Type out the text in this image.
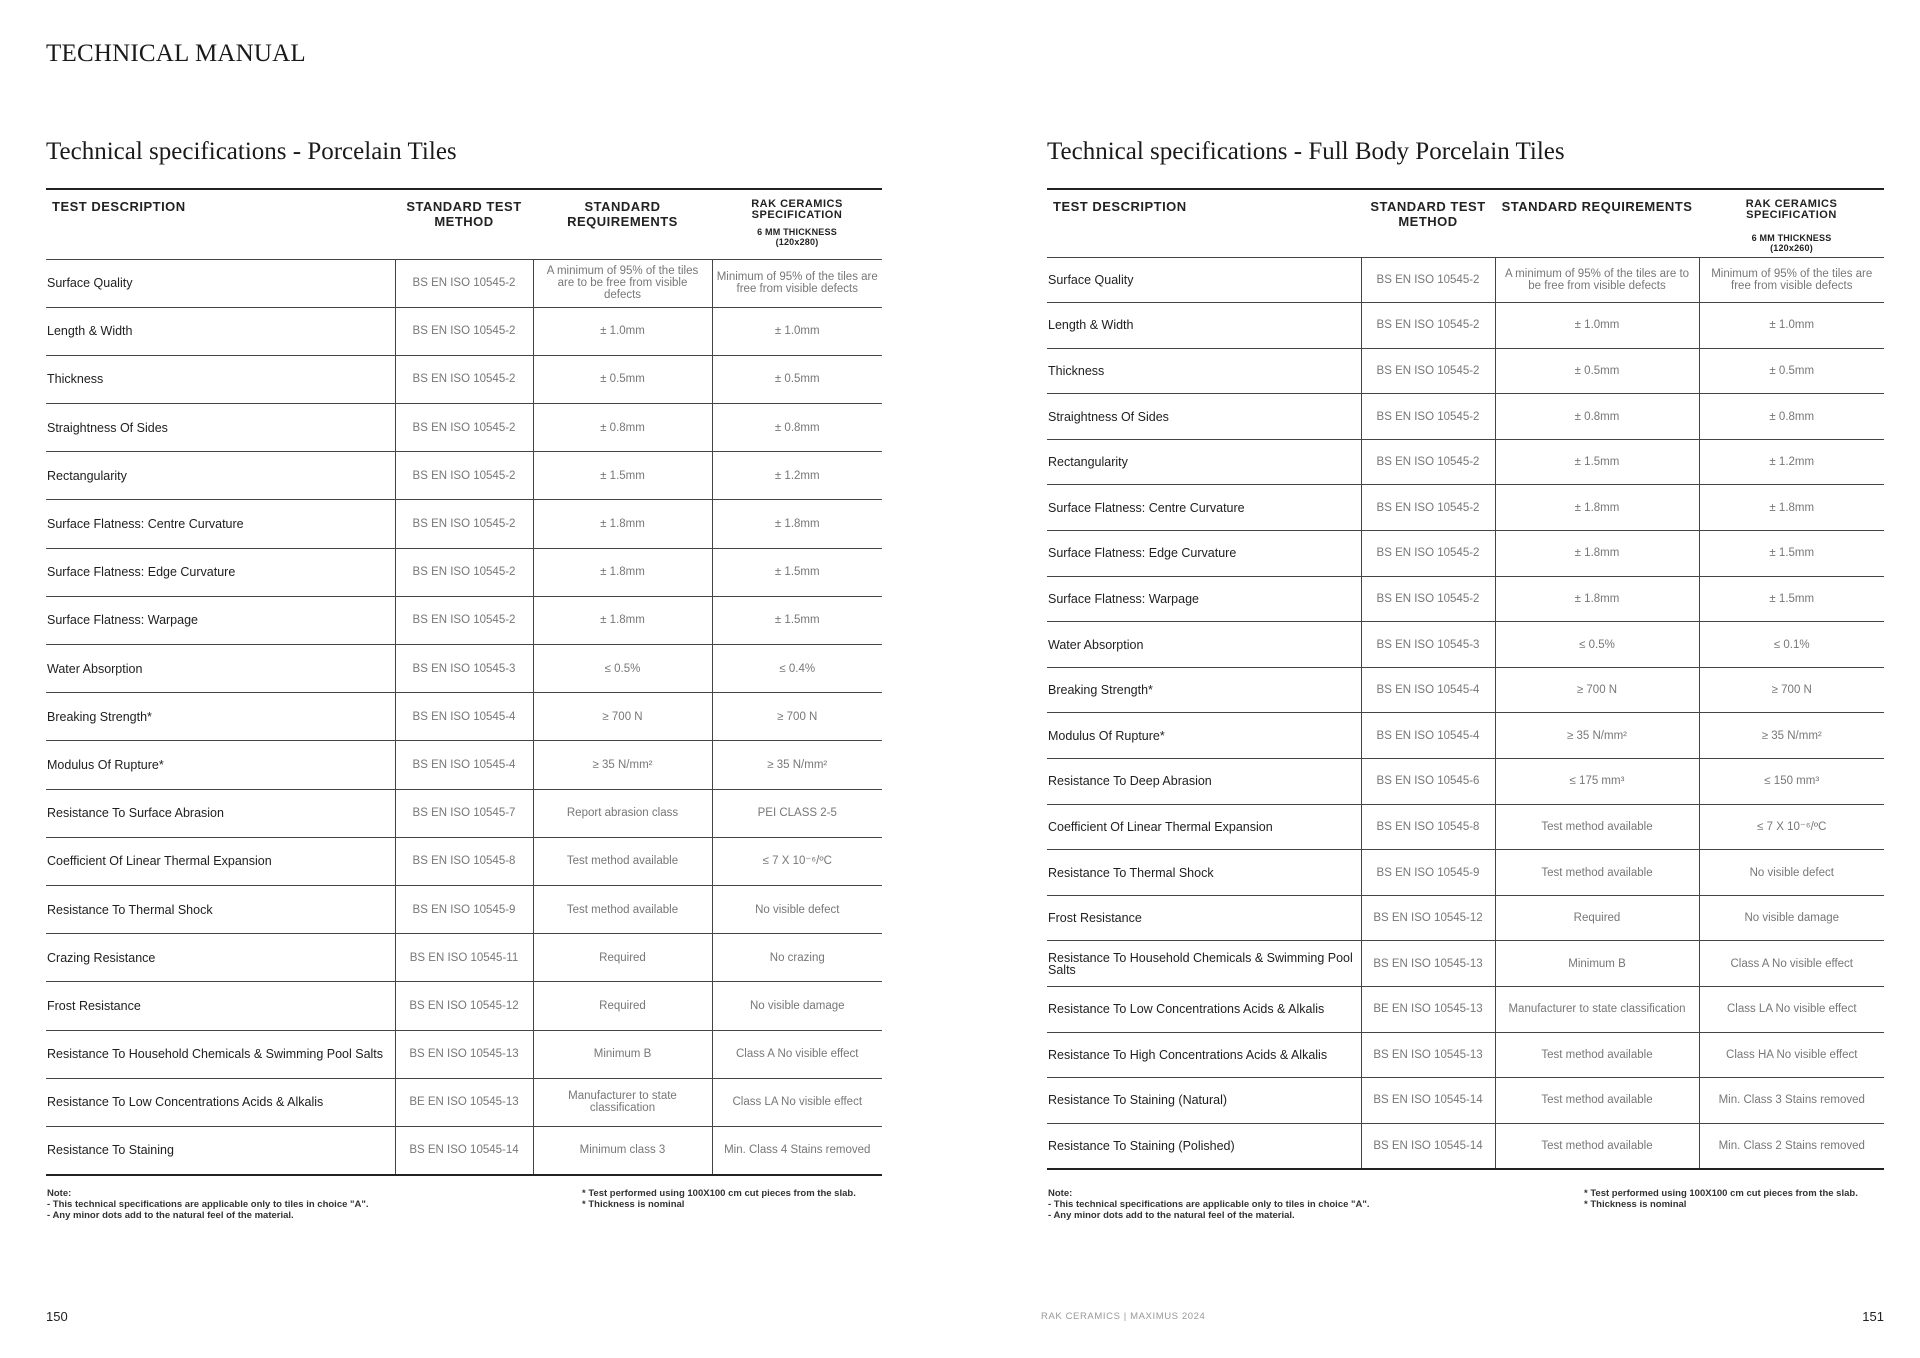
TECHNICAL MANUAL
Technical specifications - Porcelain Tiles
TEST DESCRIPTION	STANDARD TEST METHOD	STANDARD REQUIREMENTS	RAK CERAMICS SPECIFICATION
6 MM THICKNESS
(120x280)

Surface Quality	BS EN ISO 10545-2	A minimum of 95% of the tiles are to be free from visible defects	Minimum of 95% of the tiles are free from visible defects
Length & Width	BS EN ISO 10545-2	± 1.0mm	± 1.0mm
Thickness	BS EN ISO 10545-2	± 0.5mm	± 0.5mm
Straightness Of Sides	BS EN ISO 10545-2	± 0.8mm	± 0.8mm
Rectangularity	BS EN ISO 10545-2	± 1.5mm	± 1.2mm
Surface Flatness: Centre Curvature	BS EN ISO 10545-2	± 1.8mm	± 1.8mm
Surface Flatness: Edge Curvature	BS EN ISO 10545-2	± 1.8mm	± 1.5mm
Surface Flatness: Warpage	BS EN ISO 10545-2	± 1.8mm	± 1.5mm
Water Absorption	BS EN ISO 10545-3	≤ 0.5%	≤ 0.4%
Breaking Strength*	BS EN ISO 10545-4	≥ 700 N	≥ 700 N
Modulus Of Rupture*	BS EN ISO 10545-4	≥ 35 N/mm²	≥ 35 N/mm²
Resistance To Surface Abrasion	BS EN ISO 10545-7	Report abrasion class	PEI CLASS 2-5
Coefficient Of Linear Thermal Expansion	BS EN ISO 10545-8	Test method available	≤ 7 X 10⁻⁶/ºC
Resistance To Thermal Shock	BS EN ISO 10545-9	Test method available	No visible defect
Crazing Resistance	BS EN ISO 10545-11	Required	No crazing
Frost Resistance	BS EN ISO 10545-12	Required	No visible damage
Resistance To Household Chemicals & Swimming Pool Salts	BS EN ISO 10545-13	Minimum B	Class A No visible effect
Resistance To Low Concentrations Acids & Alkalis	BE EN ISO 10545-13	Manufacturer to state classification	Class LA No visible effect
Resistance To Staining	BS EN ISO 10545-14	Minimum class 3	Min. Class 4 Stains removed
Note:
- This technical specifications are applicable only to tiles in choice "A".
- Any minor dots add to the natural feel of the material.
* Test performed using 100X100 cm cut pieces from the slab.
* Thickness is nominal
150
Technical specifications - Full Body Porcelain Tiles
TEST DESCRIPTION	STANDARD TEST METHOD	STANDARD REQUIREMENTS	RAK CERAMICS SPECIFICATION
6 MM THICKNESS
(120x260)

Surface Quality	BS EN ISO 10545-2	A minimum of 95% of the tiles are to be free from visible defects	Minimum of 95% of the tiles are free from visible defects
Length & Width	BS EN ISO 10545-2	± 1.0mm	± 1.0mm
Thickness	BS EN ISO 10545-2	± 0.5mm	± 0.5mm
Straightness Of Sides	BS EN ISO 10545-2	± 0.8mm	± 0.8mm
Rectangularity	BS EN ISO 10545-2	± 1.5mm	± 1.2mm
Surface Flatness: Centre Curvature	BS EN ISO 10545-2	± 1.8mm	± 1.8mm
Surface Flatness: Edge Curvature	BS EN ISO 10545-2	± 1.8mm	± 1.5mm
Surface Flatness: Warpage	BS EN ISO 10545-2	± 1.8mm	± 1.5mm
Water Absorption	BS EN ISO 10545-3	≤ 0.5%	≤ 0.1%
Breaking Strength*	BS EN ISO 10545-4	≥ 700 N	≥ 700 N
Modulus Of Rupture*	BS EN ISO 10545-4	≥ 35 N/mm²	≥ 35 N/mm²
Resistance To Deep Abrasion	BS EN ISO 10545-6	≤ 175 mm³	≤ 150 mm³
Coefficient Of Linear Thermal Expansion	BS EN ISO 10545-8	Test method available	≤ 7 X 10⁻⁶/ºC
Resistance To Thermal Shock	BS EN ISO 10545-9	Test method available	No visible defect
Frost Resistance	BS EN ISO 10545-12	Required	No visible damage
Resistance To Household Chemicals & Swimming Pool Salts	BS EN ISO 10545-13	Minimum B	Class A No visible effect
Resistance To Low Concentrations Acids & Alkalis	BE EN ISO 10545-13	Manufacturer to state classification	Class LA No visible effect
Resistance To High Concentrations Acids & Alkalis	BS EN ISO 10545-13	Test method available	Class HA No visible effect
Resistance To Staining (Natural)	BS EN ISO 10545-14	Test method available	Min. Class 3 Stains removed
Resistance To Staining (Polished)	BS EN ISO 10545-14	Test method available	Min. Class 2 Stains removed
Note:
- This technical specifications are applicable only to tiles in choice "A".
- Any minor dots add to the natural feel of the material.
* Test performed using 100X100 cm cut pieces from the slab.
* Thickness is nominal
151
RAK CERAMICS | MAXIMUS 2024
